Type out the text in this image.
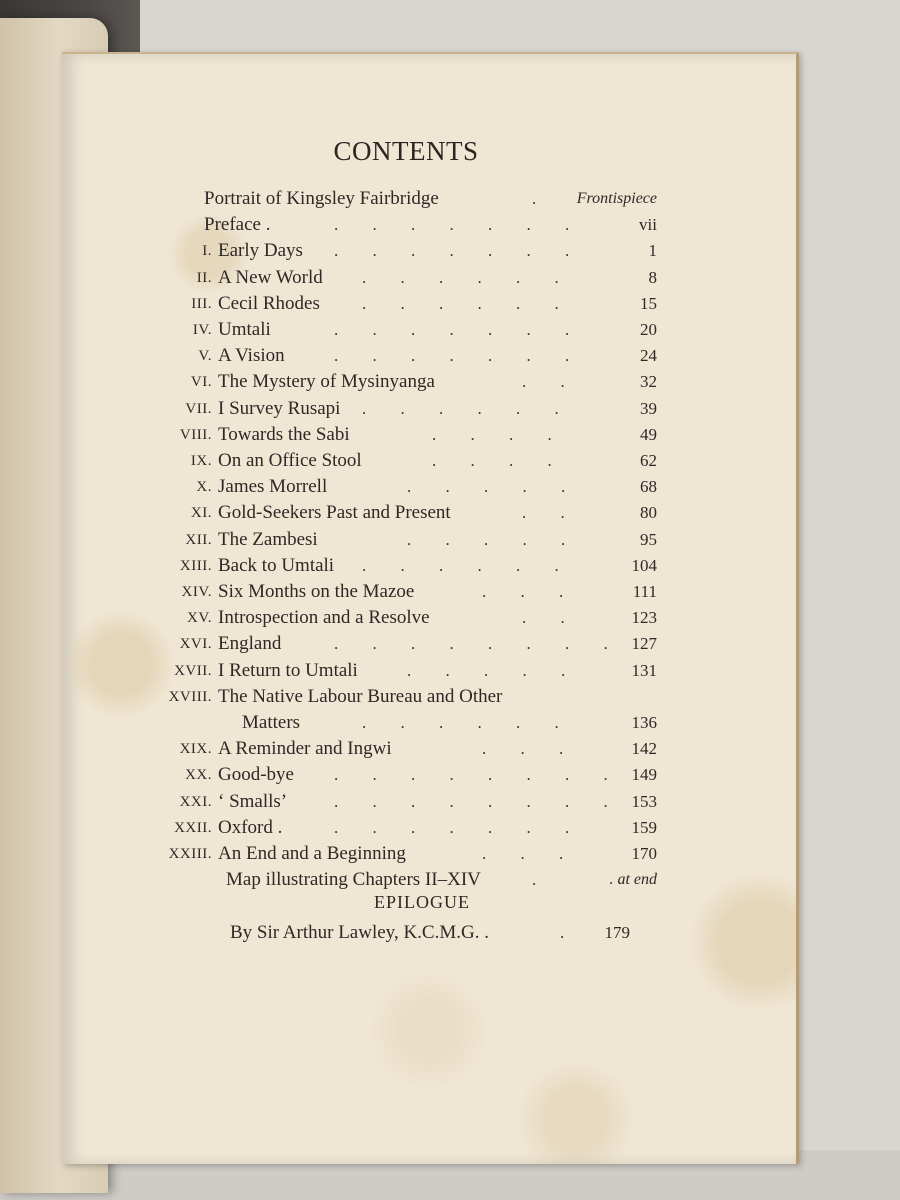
CONTENTS
Portrait of Kingsley Fairbridge	.	Frontispiece
Preface .	. . . . . . .	vii
I. Early Days . . . . . . .	1
II. A New World . . . . . .	8
III. Cecil Rhodes . . . . . .	15
IV. Umtali	. . . . . . .	20
V. A Vision	. . . . . . .	24
VI. The Mystery of Mysinyanga	. .	32
VII. I Survey Rusapi . . . . . .	39
VIII. Towards the Sabi	. . . .	49
IX. On an Office Stool	. . . .	62
X. James Morrell	. . . . .	68
XI. Gold-Seekers Past and Present	. .	80
XII. The Zambesi	. . . . .	95
XIII. Back to Umtali . . . . . .	104
XIV. Six Months on the Mazoe	. . .	111
XV. Introspection and a Resolve	. .	123
XVI. England	. . . . . . . . 127
XVII. I Return to Umtali	. . . . .	131
XVIII. The Native Labour Bureau and Other
Matters	. . . . . .	136
XIX. A Reminder and Ingwi	. . .	142
XX. Good-bye . . . . . . . . 149
XXI. ‘ Smalls’	. . . . . . . . 153
XXII. Oxford .	. . . . . . .	159
XXIII. An End and a Beginning	. . .	170
Map illustrating Chapters II–XIV	.	. at end
EPILOGUE
By Sir Arthur Lawley, K.C.M.G. .	.	179
